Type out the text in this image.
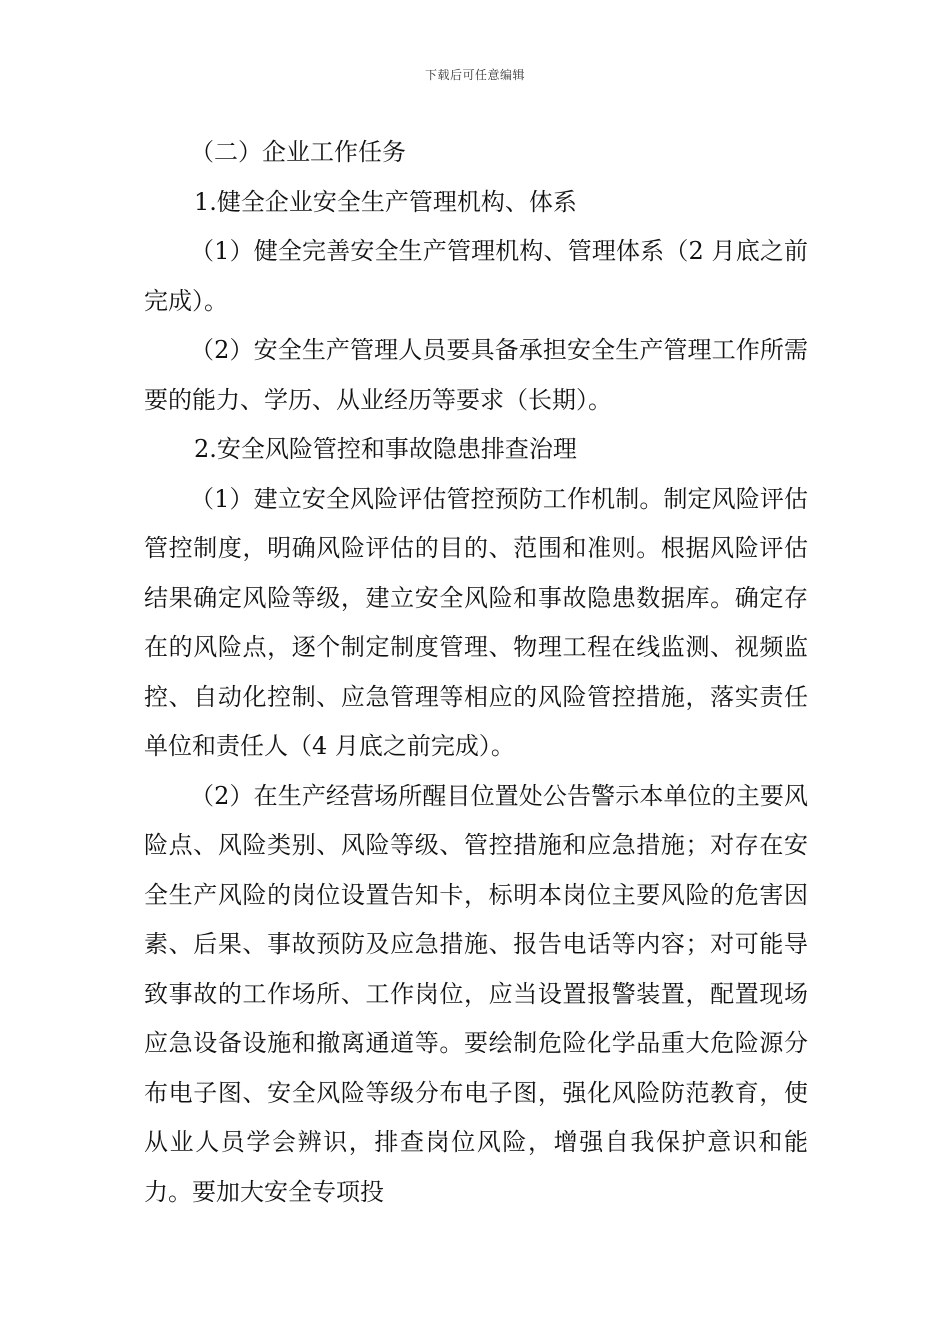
下载后可任意编辑

（二）企业工作任务

1.健全企业安全生产管理机构、体系

（1）健全完善安全生产管理机构、管理体系（2 月底之前完成）。

（2）安全生产管理人员要具备承担安全生产管理工作所需要的能力、学历、从业经历等要求（长期）。

2.安全风险管控和事故隐患排查治理

（1）建立安全风险评估管控预防工作机制。制定风险评估管控制度，明确风险评估的目的、范围和准则。根据风险评估结果确定风险等级，建立安全风险和事故隐患数据库。确定存在的风险点，逐个制定制度管理、物理工程在线监测、视频监控、自动化控制、应急管理等相应的风险管控措施，落实责任单位和责任人（4 月底之前完成）。

（2）在生产经营场所醒目位置处公告警示本单位的主要风险点、风险类别、风险等级、管控措施和应急措施；对存在安全生产风险的岗位设置告知卡，标明本岗位主要风险的危害因素、后果、事故预防及应急措施、报告电话等内容；对可能导致事故的工作场所、工作岗位，应当设置报警装置，配置现场应急设备设施和撤离通道等。要绘制危险化学品重大危险源分布电子图、安全风险等级分布电子图，强化风险防范教育，使从业人员学会辨识，排查岗位风险，增强自我保护意识和能力。要加大安全专项投
